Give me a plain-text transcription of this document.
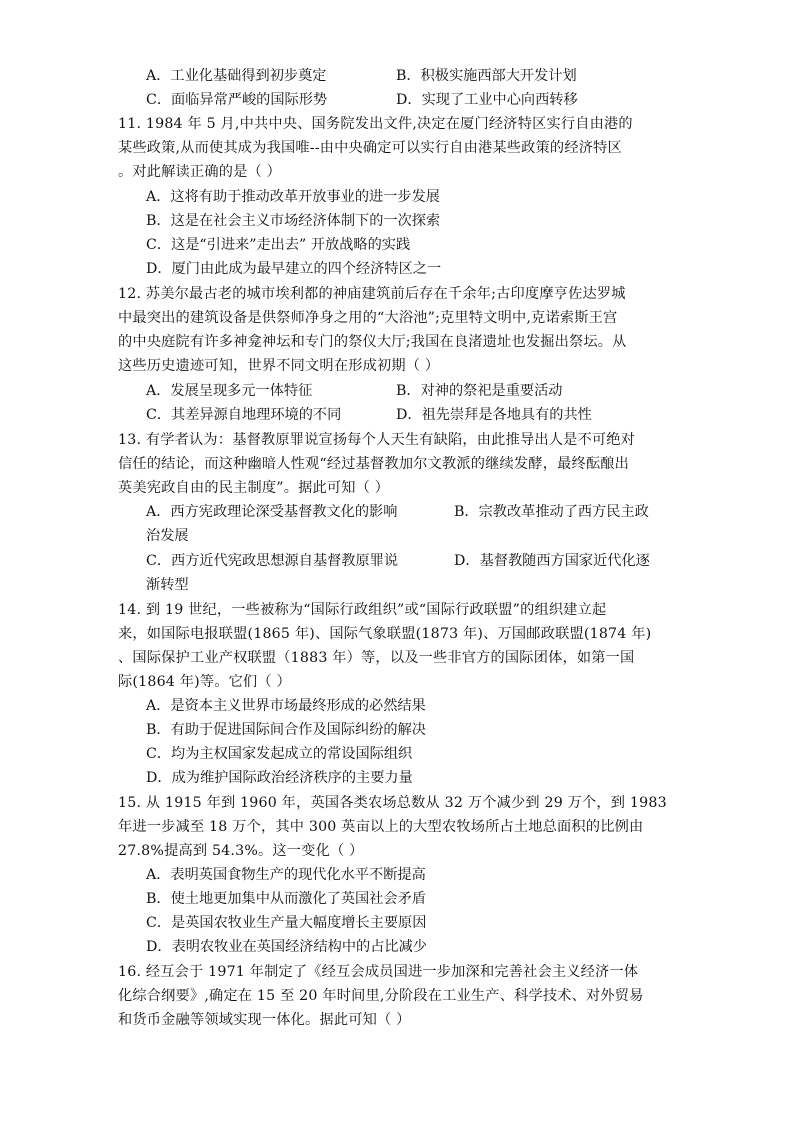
A．工业化基础得到初步奠定	B．积极实施西部大开发计划
C．面临异常严峻的国际形势	D．实现了工业中心向西转移
11. 1984 年 5 月,中共中央、国务院发出文件,决定在厦门经济特区实行自由港的
某些政策,从而使其成为我国唯--由中央确定可以实行自由港某些政策的经济特区
。对此解读正确的是（ ）
A．这将有助于推动改革开放事业的进一步发展
B．这是在社会主义市场经济体制下的一次探索
C．这是“引进来”走出去” 开放战略的实践
D．厦门由此成为最早建立的四个经济特区之一
12. 苏美尔最古老的城市埃利都的神庙建筑前后存在千余年;古印度摩亨佐达罗城
中最突出的建筑设备是供祭师净身之用的“大浴池”;克里特文明中,克诺索斯王宫
的中央庭院有许多神龛神坛和专门的祭仪大厅;我国在良渚遗址也发掘出祭坛。从
这些历史遗迹可知，世界不同文明在形成初期（ ）
A．发展呈现多元一体特征	B．对神的祭祀是重要活动
C．其差异源自地理环境的不同	D．祖先崇拜是各地具有的共性
13. 有学者认为：基督教原罪说宣扬每个人天生有缺陷，由此推导出人是不可绝对
信任的结论，而这种幽暗人性观“经过基督教加尔文教派的继续发酵，最终酝酿出
英美宪政自由的民主制度”。据此可知（ ）
A．西方宪政理论深受基督教文化的影响	B．宗教改革推动了西方民主政
治发展
C．西方近代宪政思想源自基督教原罪说	D．基督教随西方国家近代化逐
渐转型
14. 到 19 世纪，一些被称为“国际行政组织”或“国际行政联盟”的组织建立起
来，如国际电报联盟(1865 年)、国际气象联盟(1873 年)、万国邮政联盟(1874 年)
、国际保护工业产权联盟（1883 年）等，以及一些非官方的国际团体，如第一国
际(1864 年)等。它们（ ）
A．是资本主义世界市场最终形成的必然结果
B．有助于促进国际间合作及国际纠纷的解决
C．均为主权国家发起成立的常设国际组织
D．成为维护国际政治经济秩序的主要力量
15. 从 1915 年到 1960 年，英国各类农场总数从 32 万个减少到 29 万个，到 1983
年进一步减至 18 万个，其中 300 英亩以上的大型农牧场所占土地总面积的比例由
27.8%提高到 54.3%。这一变化（ ）
A．表明英国食物生产的现代化水平不断提高
B．使土地更加集中从而激化了英国社会矛盾
C．是英国农牧业生产量大幅度增长主要原因
D．表明农牧业在英国经济结构中的占比减少
16. 经互会于 1971 年制定了《经互会成员国进一步加深和完善社会主义经济一体
化综合纲要》,确定在 15 至 20 年时间里,分阶段在工业生产、科学技术、对外贸易
和货币金融等领域实现一体化。据此可知（ ）
